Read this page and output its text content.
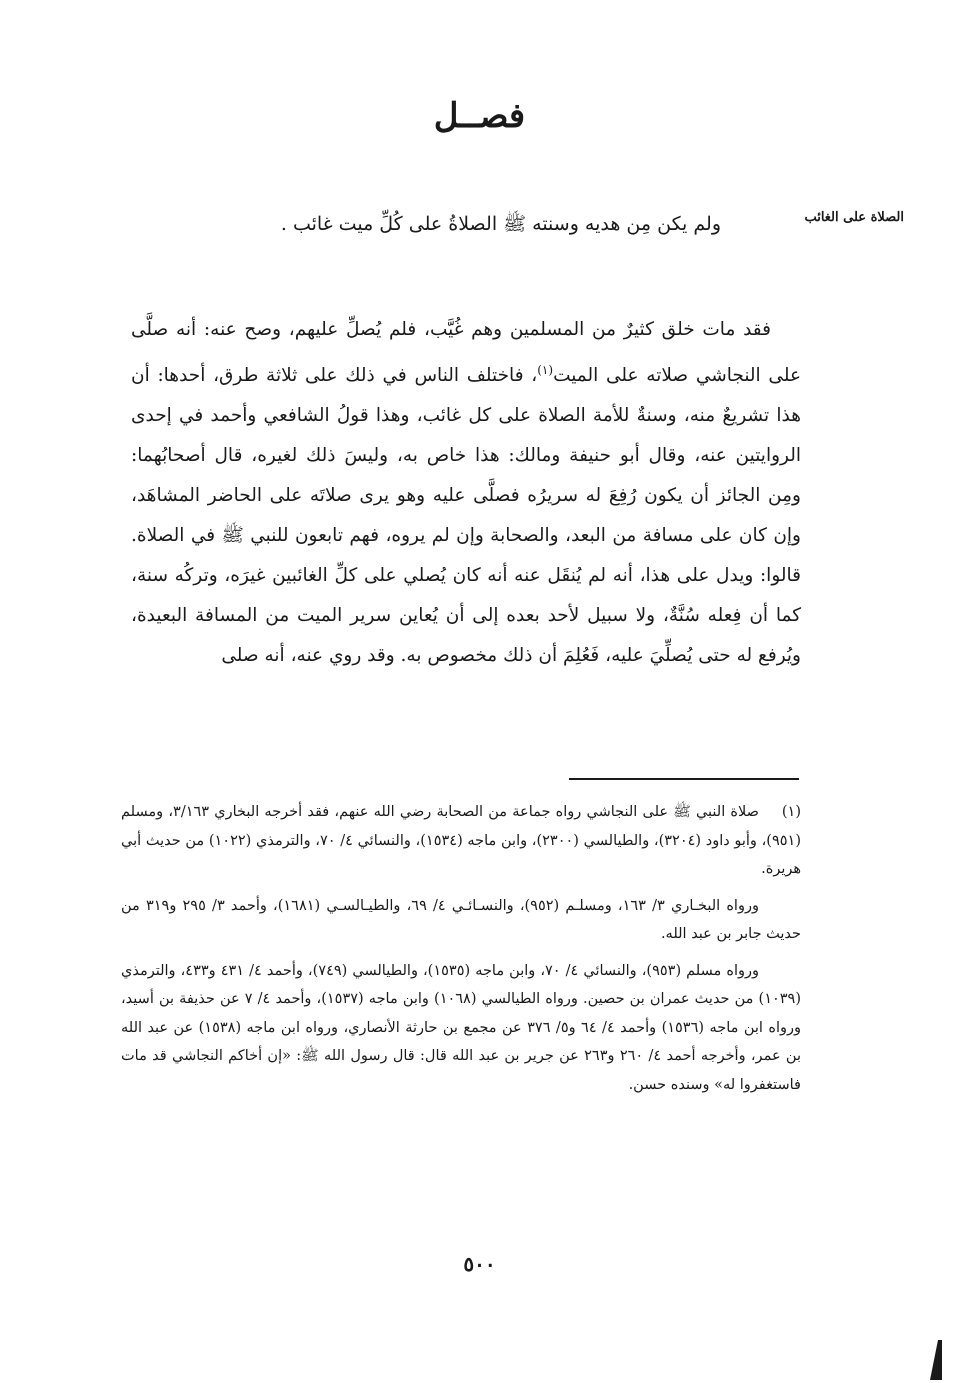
فصــل
الصلاة على الغائب
ولم يكن مِن هديه وسنته ﷺ الصلاةُ على كُلِّ ميت غائب .
فقد مات خلق كثيرٌ من المسلمين وهم غُيَّب، فلم يُصلِّ عليهم، وصح عنه: أنه صلَّى على النجاشي صلاته على الميت$^{(١)}$، فاختلف الناس في ذلك على ثلاثة طرق، أحدها: أن هذا تشريعٌ منه، وسنةٌ للأمة الصلاة على كل غائب، وهذا قولُ الشافعي وأحمد في إحدى الروايتين عنه، وقال أبو حنيفة ومالك: هذا خاص به، وليسَ ذلك لغيره، قال أصحابُهما: ومِن الجائز أن يكون رُفِعَ له سريرُه فصلَّى عليه وهو يرى صلاتَه على الحاضر المشاهَد، وإن كان على مسافة من البعد، والصحابة وإن لم يروه، فهم تابعون للنبي ﷺ في الصلاة. قالوا: ويدل على هذا، أنه لم يُنقَل عنه أنه كان يُصلي على كلِّ الغائبين غيرَه، وتركُه سنة، كما أن فِعله سُنَّةٌ، ولا سبيل لأحد بعده إلى أن يُعاين سرير الميت من المسافة البعيدة، ويُرفع له حتى يُصلِّيَ عليه، فَعُلِمَ أن ذلك مخصوص به. وقد روي عنه، أنه صلى

(١)صلاة النبي ﷺ على النجاشي رواه جماعة من الصحابة رضي الله عنهم، فقد أخرجه البخاري ٣/١٦٣، ومسلم (٩٥١)، وأبو داود (٣٢٠٤)، والطيالسي (٢٣٠٠)، وابن ماجه (١٥٣٤)، والنسائي ٤/ ٧٠، والترمذي (١٠٢٢) من حديث أبي هريرة.

ورواه البخـاري ٣/ ١٦٣، ومسلـم (٩٥٢)، والنسـائـي ٤/ ٦٩، والطيـالسـي (١٦٨١)، وأحمد ٣/ ٢٩٥ و٣١٩ من حديث جابر بن عبد الله.

ورواه مسلم (٩٥٣)، والنسائي ٤/ ٧٠، وابن ماجه (١٥٣٥)، والطيالسي (٧٤٩)، وأحمد ٤/ ٤٣١ و٤٣٣، والترمذي (١٠٣٩) من حديث عمران بن حصين. ورواه الطيالسي (١٠٦٨) وابن ماجه (١٥٣٧)، وأحمد ٤/ ٧ عن حذيفة بن أسيد، ورواه ابن ماجه (١٥٣٦) وأحمد ٤/ ٦٤ و٥/ ٣٧٦ عن مجمع بن حارثة الأنصاري، ورواه ابن ماجه (١٥٣٨) عن عبد الله بن عمر، وأخرجه أحمد ٤/ ٢٦٠ و٢٦٣ عن جرير بن عبد الله قال: قال رسول الله ﷺ: «إن أخاكم النجاشي قد مات فاستغفروا له» وسنده حسن.

٥٠٠
